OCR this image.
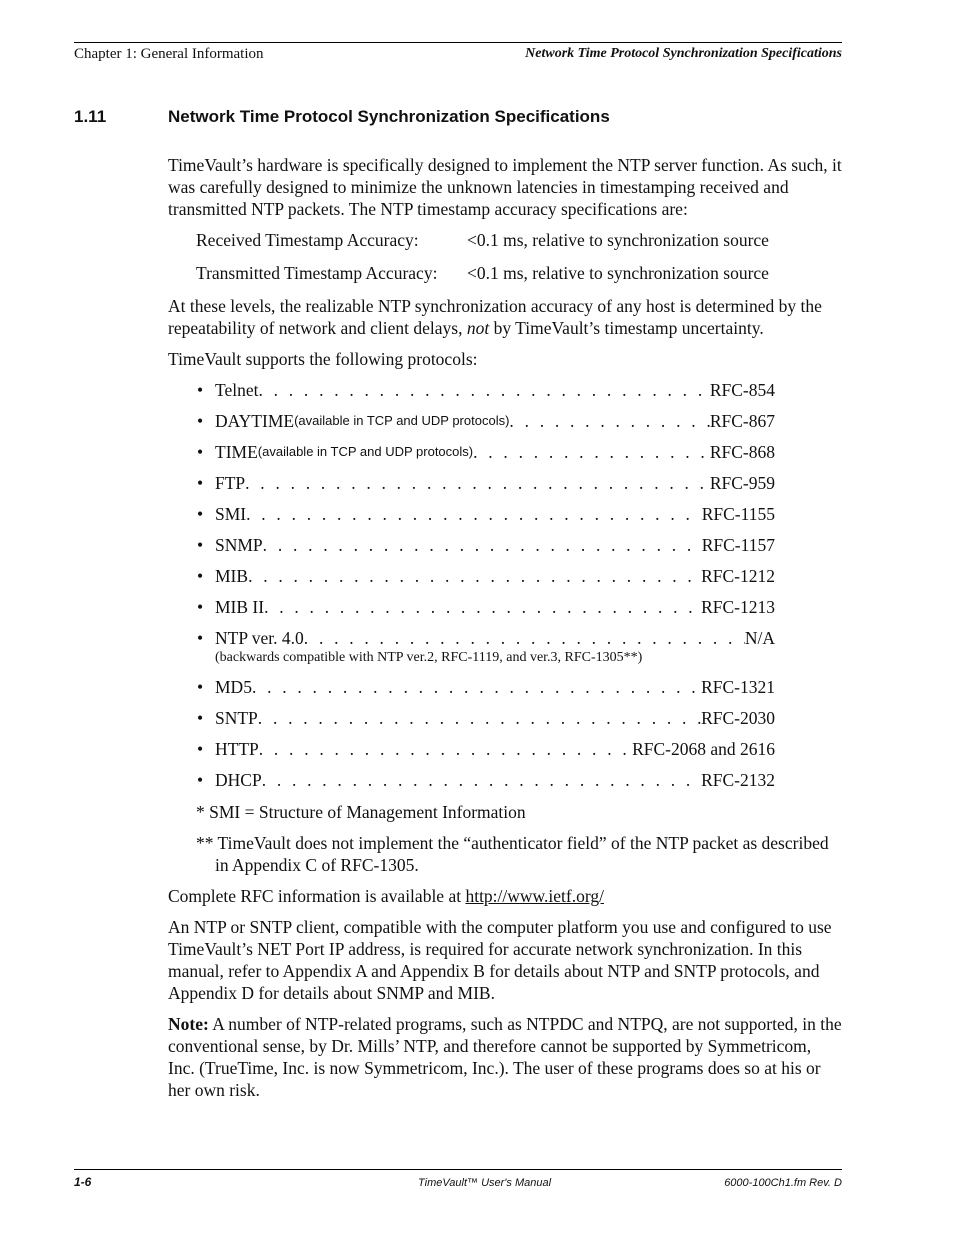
Chapter 1: General Information	Network Time Protocol Synchronization Specifications
1.11	Network Time Protocol Synchronization Specifications

TimeVault’s hardware is specifically designed to implement the NTP server function. As such, it was carefully designed to minimize the unknown latencies in timestamping received and transmitted NTP packets. The NTP timestamp accuracy specifications are:

Received Timestamp Accuracy:	<0.1 ms, relative to synchronization source
Transmitted Timestamp Accuracy:	<0.1 ms, relative to synchronization source

At these levels, the realizable NTP synchronization accuracy of any host is determined by the repeatability of network and client delays, not by TimeVault’s timestamp uncertainty.

TimeVault supports the following protocols:

• Telnet . . .	RFC-854
• DAYTIME (available in TCP and UDP protocols) . . .	RFC-867
• TIME (available in TCP and UDP protocols) . . .	RFC-868
• FTP . . .	RFC-959
• SMI . . .	RFC-1155
• SNMP . . .	RFC-1157
• MIB . . .	RFC-1212
• MIB II . . .	RFC-1213
• NTP ver. 4.0 . . .	N/A
(backwards compatible with NTP ver.2, RFC-1119, and ver.3, RFC-1305**)
• MD5 . . .	RFC-1321
• SNTP . . .	RFC-2030
• HTTP . . .	RFC-2068 and 2616
• DHCP . . .	RFC-2132
* SMI = Structure of Management Information
** TimeVault does not implement the “authenticator field” of the NTP packet as described in Appendix C of RFC-1305.

Complete RFC information is available at http://www.ietf.org/

An NTP or SNTP client, compatible with the computer platform you use and configured to use TimeVault’s NET Port IP address, is required for accurate network synchronization. In this manual, refer to Appendix A and Appendix B for details about NTP and SNTP protocols, and Appendix D for details about SNMP and MIB.

Note: A number of NTP-related programs, such as NTPDC and NTPQ, are not supported, in the conventional sense, by Dr. Mills’ NTP, and therefore cannot be supported by Symmetricom, Inc. (TrueTime, Inc. is now Symmetricom, Inc.). The user of these programs does so at his or her own risk.

1-6	TimeVault™ User's Manual	6000-100Ch1.fm Rev. D
